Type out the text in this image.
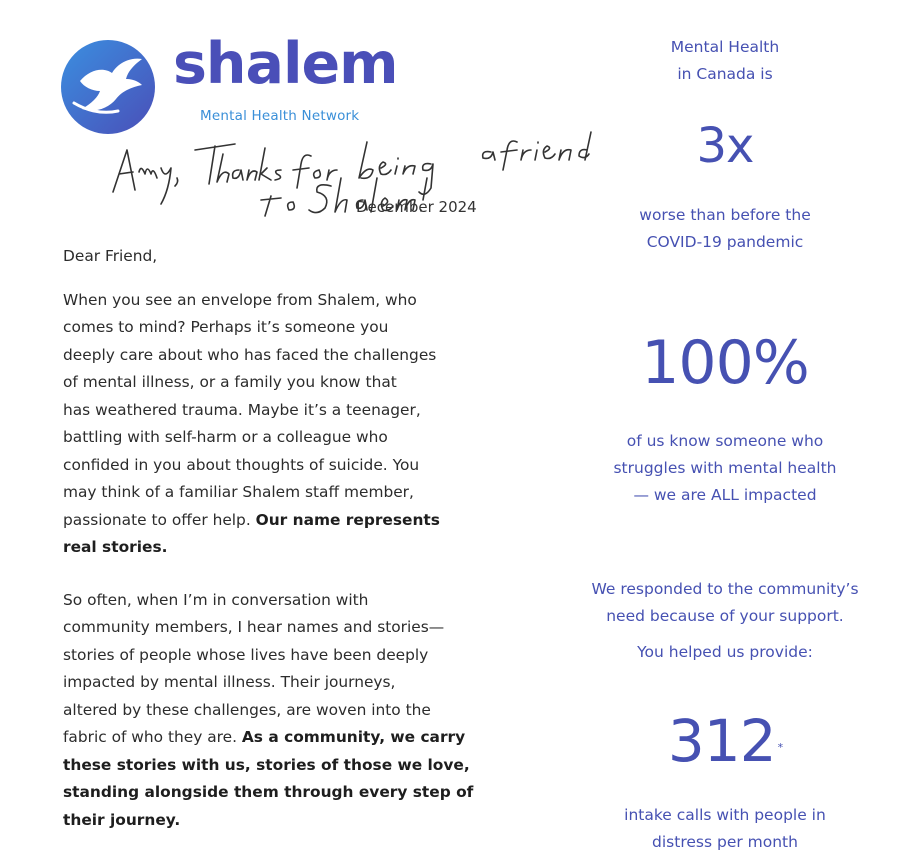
shalem
Mental Health Network
December 2024

Dear Friend,

When you see an envelope from Shalem, who
comes to mind? Perhaps it’s someone you
deeply care about who has faced the challenges
of mental illness, or a family you know that
has weathered trauma. Maybe it’s a teenager,
battling with self-harm or a colleague who
confided in you about thoughts of suicide. You
may think of a familiar Shalem staff member,
passionate to offer help. Our name represents
real stories.

So often, when I’m in conversation with
community members, I hear names and stories—
stories of people whose lives have been deeply
impacted by mental illness. Their journeys,
altered by these challenges, are woven into the
fabric of who they are. As a community, we carry
these stories with us, stories of those we love,
standing alongside them through every step of
their journey.

Mental Health
in Canada is
3x
worse than before the
COVID-19 pandemic
100%
of us know someone who
struggles with mental health
— we are ALL impacted
We responded to the community’s
need because of your support.
You helped us provide:
312 *
intake calls with people in
distress per month
